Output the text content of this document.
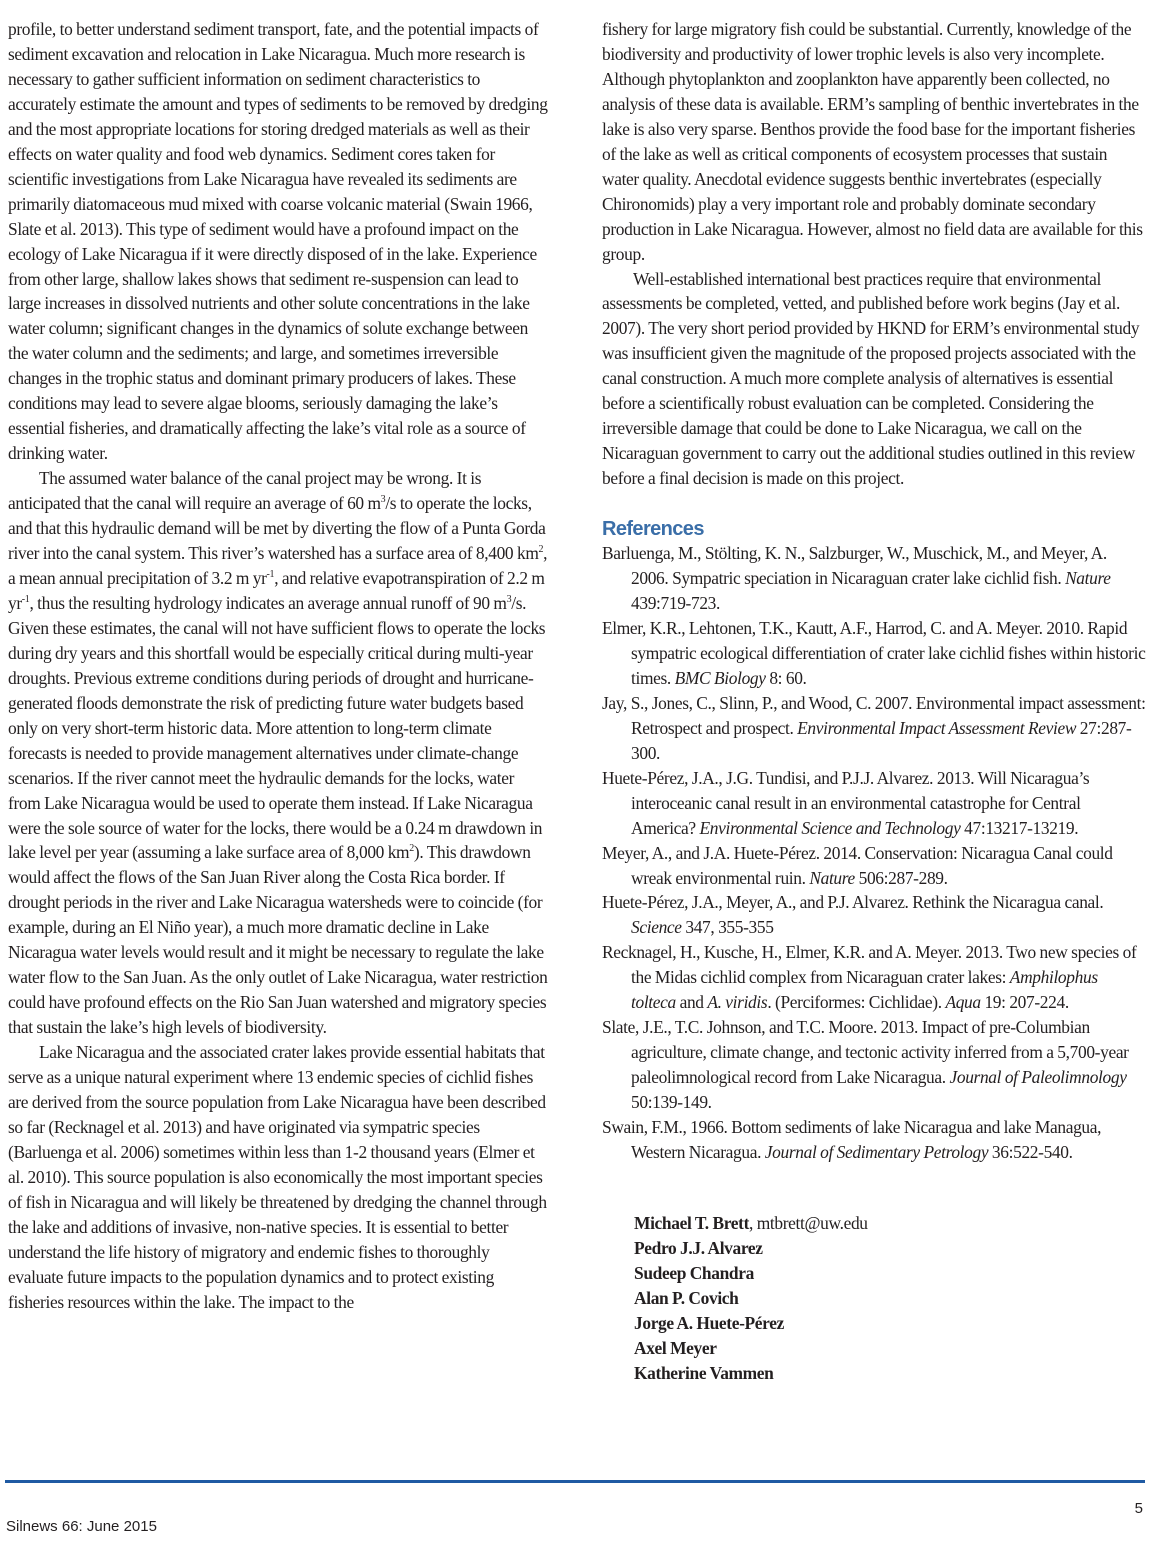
profile, to better understand sediment transport, fate, and the potential impacts of sediment excavation and relocation in Lake Nicaragua. Much more research is necessary to gather sufficient information on sediment characteristics to accurately estimate the amount and types of sediments to be removed by dredging and the most appropriate locations for storing dredged materials as well as their effects on water quality and food web dynamics. Sediment cores taken for scientific investigations from Lake Nicaragua have revealed its sediments are primarily diatomaceous mud mixed with coarse volcanic material (Swain 1966, Slate et al. 2013). This type of sediment would have a profound impact on the ecology of Lake Nicaragua if it were directly disposed of in the lake. Experience from other large, shallow lakes shows that sediment re-suspension can lead to large increases in dissolved nutrients and other solute concentrations in the lake water column; significant changes in the dynamics of solute exchange between the water column and the sediments; and large, and sometimes irreversible changes in the trophic status and dominant primary producers of lakes. These conditions may lead to severe algae blooms, seriously damaging the lake’s essential fisheries, and dramatically affecting the lake’s vital role as a source of drinking water.

The assumed water balance of the canal project may be wrong. It is anticipated that the canal will require an average of 60 $m^3/s$ to operate the locks, and that this hydraulic demand will be met by diverting the flow of a Punta Gorda river into the canal system. This river’s watershed has a surface area of 8,400 $km^2$, a mean annual precipitation of 3.2 m $yr^{-1}$, and relative evapotranspiration of 2.2 m $yr^{-1}$, thus the resulting hydrology indicates an average annual runoff of 90 $m^3/s$. Given these estimates, the canal will not have sufficient flows to operate the locks during dry years and this shortfall would be especially critical during multi-year droughts. Previous extreme conditions during periods of drought and hurricane-generated floods demonstrate the risk of predicting future water budgets based only on very short-term historic data. More attention to long-term climate forecasts is needed to provide management alternatives under climate-change scenarios. If the river cannot meet the hydraulic demands for the locks, water from Lake Nicaragua would be used to operate them instead. If Lake Nicaragua were the sole source of water for the locks, there would be a 0.24 m drawdown in lake level per year (assuming a lake surface area of 8,000 $km^2$). This drawdown would affect the flows of the San Juan River along the Costa Rica border. If drought periods in the river and Lake Nicaragua watersheds were to coincide (for example, during an El Niño year), a much more dramatic decline in Lake Nicaragua water levels would result and it might be necessary to regulate the lake water flow to the San Juan. As the only outlet of Lake Nicaragua, water restriction could have profound effects on the Rio San Juan watershed and migratory species that sustain the lake’s high levels of biodiversity.

Lake Nicaragua and the associated crater lakes provide essential habitats that serve as a unique natural experiment where 13 endemic species of cichlid fishes are derived from the source population from Lake Nicaragua have been described so far (Recknagel et al. 2013) and have originated via sympatric species (Barluenga et al. 2006) sometimes within less than 1-2 thousand years (Elmer et al. 2010). This source population is also economically the most important species of fish in Nicaragua and will likely be threatened by dredging the channel through the lake and additions of invasive, non-native species. It is essential to better understand the life history of migratory and endemic fishes to thoroughly evaluate future impacts to the population dynamics and to protect existing fisheries resources within the lake. The impact to the

fishery for large migratory fish could be substantial. Currently, knowledge of the biodiversity and productivity of lower trophic levels is also very incomplete. Although phytoplankton and zooplankton have apparently been collected, no analysis of these data is available. ERM’s sampling of benthic invertebrates in the lake is also very sparse. Benthos provide the food base for the important fisheries of the lake as well as critical components of ecosystem processes that sustain water quality. Anecdotal evidence suggests benthic invertebrates (especially Chironomids) play a very important role and probably dominate secondary production in Lake Nicaragua. However, almost no field data are available for this group.

Well-established international best practices require that environmental assessments be completed, vetted, and published before work begins (Jay et al. 2007). The very short period provided by HKND for ERM’s environmental study was insufficient given the magnitude of the proposed projects associated with the canal construction. A much more complete analysis of alternatives is essential before a scientifically robust evaluation can be completed. Considering the irreversible damage that could be done to Lake Nicaragua, we call on the Nicaraguan government to carry out the additional studies outlined in this review before a final decision is made on this project.

References

Barluenga, M., Stölting, K. N., Salzburger, W., Muschick, M., and Meyer, A. 2006. Sympatric speciation in Nicaraguan crater lake cichlid fish. Nature 439:719-723.

Elmer, K.R., Lehtonen, T.K., Kautt, A.F., Harrod, C. and A. Meyer. 2010. Rapid sympatric ecological differentiation of crater lake cichlid fishes within historic times. BMC Biology 8: 60.

Jay, S., Jones, C., Slinn, P., and Wood, C. 2007. Environmental impact assessment: Retrospect and prospect. Environmental Impact Assessment Review 27:287-300.

Huete-Pérez, J.A., J.G. Tundisi, and P.J.J. Alvarez. 2013. Will Nicaragua’s interoceanic canal result in an environmental catastrophe for Central America? Environmental Science and Technology 47:13217-13219.

Meyer, A., and J.A. Huete-Pérez. 2014. Conservation: Nicaragua Canal could wreak environmental ruin. Nature 506:287-289.

Huete-Pérez, J.A., Meyer, A., and P.J. Alvarez. Rethink the Nicaragua canal. Science 347, 355-355

Recknagel, H., Kusche, H., Elmer, K.R. and A. Meyer. 2013. Two new species of the Midas cichlid complex from Nicaraguan crater lakes: Amphilophus tolteca and A. viridis. (Perciformes: Cichlidae). Aqua 19: 207-224.

Slate, J.E., T.C. Johnson, and T.C. Moore. 2013. Impact of pre-Columbian agriculture, climate change, and tectonic activity inferred from a 5,700-year paleolimnological record from Lake Nicaragua. Journal of Paleolimnology 50:139-149.

Swain, F.M., 1966. Bottom sediments of lake Nicaragua and lake Managua, Western Nicaragua. Journal of Sedimentary Petrology 36:522-540.

Michael T. Brett, mtbrett@uw.edu
Pedro J.J. Alvarez
Sudeep Chandra
Alan P. Covich
Jorge A. Huete-Pérez
Axel Meyer
Katherine Vammen
5
Silnews 66: June 2015
